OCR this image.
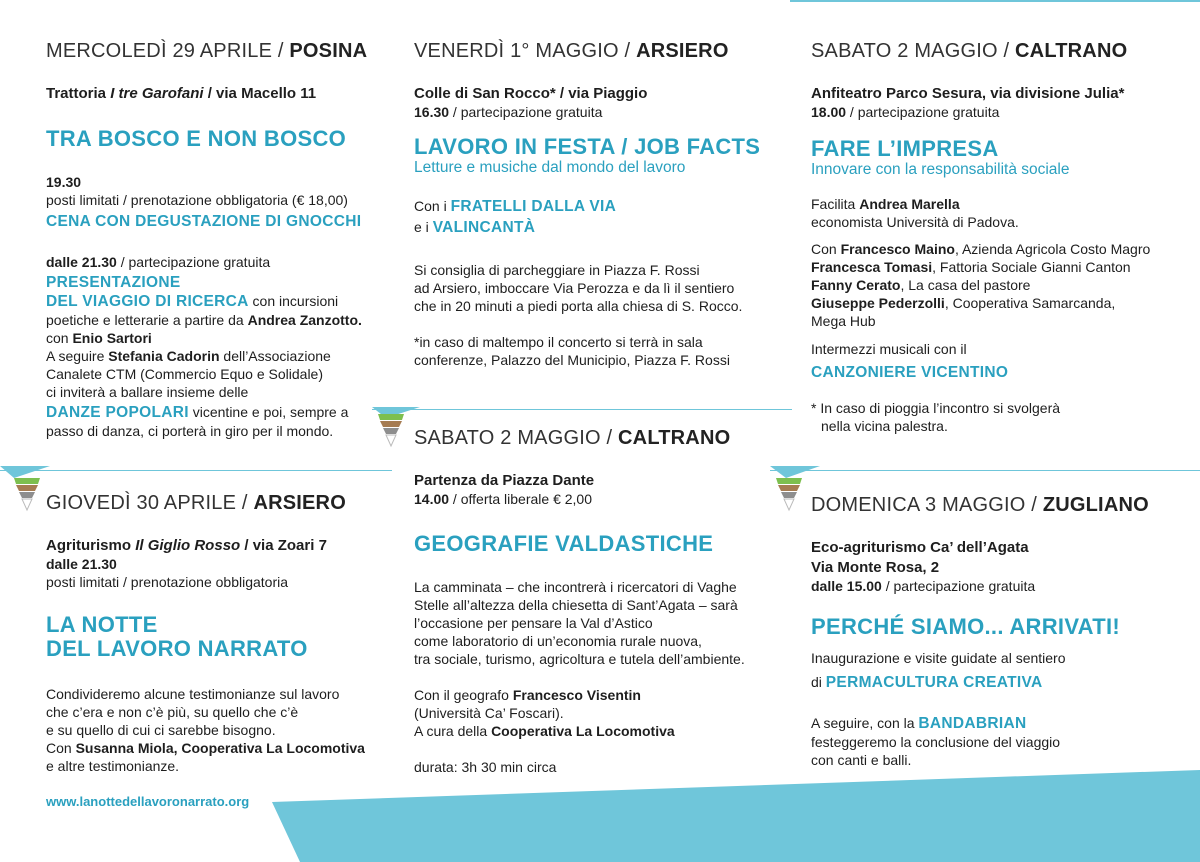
MERCOLEDÌ 29 APRILE / POSINA
Trattoria I tre Garofani / via Macello 11
TRA BOSCO E NON BOSCO
19.30
posti limitati / prenotazione obbligatoria (€ 18,00)
CENA CON DEGUSTAZIONE DI GNOCCHI
dalle 21.30 / partecipazione gratuita
PRESENTAZIONE
DEL VIAGGIO DI RICERCA con incursioni
poetiche e letterarie a partire da Andrea Zanzotto.
con Enio Sartori
A seguire Stefania Cadorin dell’Associazione
Canalete CTM (Commercio Equo e Solidale)
ci inviterà a ballare insieme delle
DANZE POPOLARI vicentine e poi, sempre a
passo di danza, ci porterà in giro per il mondo.
GIOVEDÌ 30 APRILE / ARSIERO
Agriturismo Il Giglio Rosso / via Zoari 7
dalle 21.30
posti limitati / prenotazione obbligatoria
LA NOTTE
DEL LAVORO NARRATO
Condivideremo alcune testimonianze sul lavoro
che c’era e non c’è più, su quello che c’è
e su quello di cui ci sarebbe bisogno.
Con Susanna Miola, Cooperativa La Locomotiva
e altre testimonianze.
www.lanottedellavoronarrato.org
VENERDÌ 1° MAGGIO / ARSIERO
Colle di San Rocco* / via Piaggio
16.30 / partecipazione gratuita
LAVORO IN FESTA / JOB FACTS
Letture e musiche dal mondo del lavoro
Con i FRATELLI DALLA VIA
e i VALINCANTÀ
Si consiglia di parcheggiare in Piazza F. Rossi
ad Arsiero, imboccare Via Perozza e da lì il sentiero
che in 20 minuti a piedi porta alla chiesa di S. Rocco.
*in caso di maltempo il concerto si terrà in sala
conferenze, Palazzo del Municipio, Piazza F. Rossi
SABATO 2 MAGGIO / CALTRANO
Partenza da Piazza Dante
14.00 / offerta liberale € 2,00
GEOGRAFIE VALDASTICHE
La camminata – che incontrerà i ricercatori di Vaghe
Stelle all’altezza della chiesetta di Sant’Agata – sarà
l’occasione per pensare la Val d’Astico
come laboratorio di un’economia rurale nuova,
tra sociale, turismo, agricoltura e tutela dell’ambiente.
Con il geografo Francesco Visentin
(Università Ca’ Foscari).
A cura della Cooperativa La Locomotiva
durata: 3h 30 min circa
SABATO 2 MAGGIO / CALTRANO
Anfiteatro Parco Sesura, via divisione Julia*
18.00 / partecipazione gratuita
FARE L’IMPRESA
Innovare con la responsabilità sociale
Facilita Andrea Marella
economista Università di Padova.
Con Francesco Maino, Azienda Agricola Costo Magro
Francesca Tomasi, Fattoria Sociale Gianni Canton
Fanny Cerato, La casa del pastore
Giuseppe Pederzolli, Cooperativa Samarcanda,
Mega Hub
Intermezzi musicali con il
CANZONIERE VICENTINO
* In caso di pioggia l’incontro si svolgerà
nella vicina palestra.
DOMENICA 3 MAGGIO / ZUGLIANO
Eco-agriturismo Ca’ dell’Agata
Via Monte Rosa, 2
dalle 15.00 / partecipazione gratuita
PERCHÉ SIAMO... ARRIVATI!
Inaugurazione e visite guidate al sentiero
di PERMACULTURA CREATIVA
A seguire, con la BANDABRIAN
festeggeremo la conclusione del viaggio
con canti e balli.
